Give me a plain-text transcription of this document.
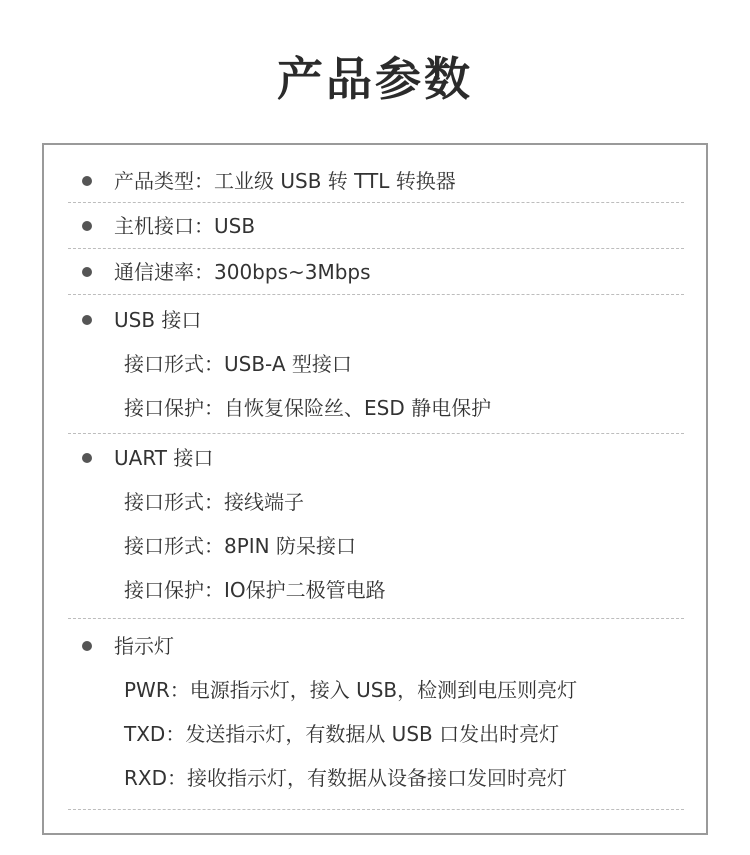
产品参数
产品类型：工业级 USB 转 TTL 转换器
主机接口：USB
通信速率：300bps~3Mbps
USB 接口
接口形式：USB-A 型接口
接口保护：自恢复保险丝、ESD 静电保护
UART 接口
接口形式：接线端子
接口形式：8PIN 防呆接口
接口保护：IO保护二极管电路
指示灯
PWR：电源指示灯，接入 USB，检测到电压则亮灯
TXD：发送指示灯，有数据从 USB 口发出时亮灯
RXD：接收指示灯，有数据从设备接口发回时亮灯
